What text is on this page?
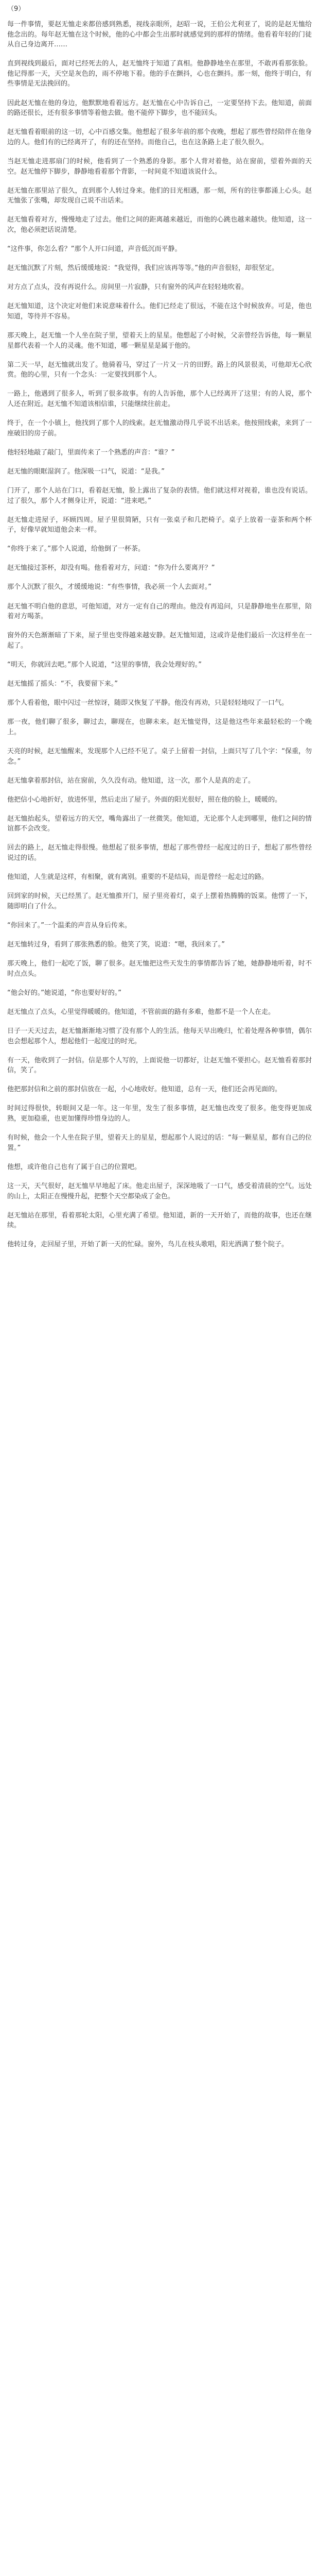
（9）

每一件事情，要赵无恤走来都倍感到熟悉，视线亲眼所，赵昭一说，王伯公尤利亚了，说的是赵无恤给他念出的。每年赵无恤在这个时候，他的心中都会生出那时就感觉到的那样的情绪。他看着年轻的门徒从自己身边离开……

直到视线到最后，面对已经死去的人，赵无恤终于知道了真相。他静静地坐在那里，不敢再看那张脸。他记得那一天，天空是灰色的，雨不停地下着。他的手在颤抖，心也在颤抖。那一刻，他终于明白，有些事情是无法挽回的。

因此赵无恤在他的身边，他默默地看着远方。赵无恤在心中告诉自己，一定要坚持下去。他知道，前面的路还很长，还有很多事情等着他去做。他不能停下脚步，也不能回头。

赵无恤看着眼前的这一切，心中百感交集。他想起了很多年前的那个夜晚，想起了那些曾经陪伴在他身边的人。他们有的已经离开了，有的还在坚持。而他自己，也在这条路上走了很久很久。

当赵无恤走进那扇门的时候，他看到了一个熟悉的身影。那个人背对着他，站在窗前，望着外面的天空。赵无恤停下脚步，静静地看着那个背影，一时间竟不知道该说什么。

赵无恤在那里站了很久，直到那个人转过身来。他们的目光相遇，那一刻，所有的往事都涌上心头。赵无恤张了张嘴，却发现自己说不出话来。

赵无恤看着对方，慢慢地走了过去。他们之间的距离越来越近，而他的心跳也越来越快。他知道，这一次，他必须把话说清楚。

“这件事，你怎么看？”那个人开口问道，声音低沉而平静。

赵无恤沉默了片刻，然后缓缓地说：“我觉得，我们应该再等等。”他的声音很轻，却很坚定。

对方点了点头，没有再说什么。房间里一片寂静，只有窗外的风声在轻轻地吹着。

赵无恤知道，这个决定对他们来说意味着什么。他们已经走了很远，不能在这个时候放弃。可是，他也知道，等待并不容易。

那天晚上，赵无恤一个人坐在院子里，望着天上的星星。他想起了小时候，父亲曾经告诉他，每一颗星星都代表着一个人的灵魂。他不知道，哪一颗星星是属于他的。

第二天一早，赵无恤就出发了。他骑着马，穿过了一片又一片的田野。路上的风景很美，可他却无心欣赏。他的心里，只有一个念头：一定要找到那个人。

一路上，他遇到了很多人，听到了很多故事。有的人告诉他，那个人已经离开了这里；有的人说，那个人还在附近。赵无恤不知道该相信谁，只能继续往前走。

终于，在一个小镇上，他找到了那个人的线索。赵无恤激动得几乎说不出话来。他按照线索，来到了一座破旧的房子前。

他轻轻地敲了敲门，里面传来了一个熟悉的声音：“谁？”

赵无恤的眼眶湿润了。他深吸一口气，说道：“是我。”

门开了，那个人站在门口，看着赵无恤，脸上露出了复杂的表情。他们就这样对视着，谁也没有说话。过了很久，那个人才侧身让开，说道：“进来吧。”

赵无恤走进屋子，环顾四周。屋子里很简陋，只有一张桌子和几把椅子。桌子上放着一壶茶和两个杯子，好像早就知道他会来一样。

“你终于来了。”那个人说道，给他倒了一杯茶。

赵无恤接过茶杯，却没有喝。他看着对方，问道：“你为什么要离开？”

那个人沉默了很久，才缓缓地说：“有些事情，我必须一个人去面对。”

赵无恤不明白他的意思，可他知道，对方一定有自己的理由。他没有再追问，只是静静地坐在那里，陪着对方喝茶。

窗外的天色渐渐暗了下来，屋子里也变得越来越安静。赵无恤知道，这或许是他们最后一次这样坐在一起了。

“明天，你就回去吧。”那个人说道，“这里的事情，我会处理好的。”

赵无恤摇了摇头：“不，我要留下来。”

那个人看着他，眼中闪过一丝惊讶，随即又恢复了平静。他没有再劝，只是轻轻地叹了一口气。

那一夜，他们聊了很多，聊过去，聊现在，也聊未来。赵无恤觉得，这是他这些年来最轻松的一个晚上。

天亮的时候，赵无恤醒来，发现那个人已经不见了。桌子上留着一封信，上面只写了几个字：“保重，勿念。”

赵无恤拿着那封信，站在窗前，久久没有动。他知道，这一次，那个人是真的走了。

他把信小心地折好，放进怀里，然后走出了屋子。外面的阳光很好，照在他的脸上，暖暖的。

赵无恤抬起头，望着远方的天空，嘴角露出了一丝微笑。他知道，无论那个人走到哪里，他们之间的情谊都不会改变。

回去的路上，赵无恤走得很慢。他想起了很多事情，想起了那些曾经一起度过的日子，想起了那些曾经说过的话。

他知道，人生就是这样，有相聚，就有离别。重要的不是结局，而是曾经一起走过的路。

回到家的时候，天已经黑了。赵无恤推开门，屋子里亮着灯，桌子上摆着热腾腾的饭菜。他愣了一下，随即明白了什么。

“你回来了。”一个温柔的声音从身后传来。

赵无恤转过身，看到了那张熟悉的脸。他笑了笑，说道：“嗯，我回来了。”

那天晚上，他们一起吃了饭，聊了很多。赵无恤把这些天发生的事情都告诉了她，她静静地听着，时不时点点头。

“他会好的。”她说道，“你也要好好的。”

赵无恤点了点头，心里觉得暖暖的。他知道，不管前面的路有多难，他都不是一个人在走。

日子一天天过去，赵无恤渐渐地习惯了没有那个人的生活。他每天早出晚归，忙着处理各种事情，偶尔也会想起那个人，想起他们一起度过的时光。

有一天，他收到了一封信。信是那个人写的，上面说他一切都好，让赵无恤不要担心。赵无恤看着那封信，笑了。

他把那封信和之前的那封信放在一起，小心地收好。他知道，总有一天，他们还会再见面的。

时间过得很快，转眼间又是一年。这一年里，发生了很多事情，赵无恤也改变了很多。他变得更加成熟，更加稳重，也更加懂得珍惜身边的人。

有时候，他会一个人坐在院子里，望着天上的星星，想起那个人说过的话：“每一颗星星，都有自己的位置。”

他想，或许他自己也有了属于自己的位置吧。

这一天，天气很好，赵无恤早早地起了床。他走出屋子，深深地吸了一口气，感受着清晨的空气。远处的山上，太阳正在慢慢升起，把整个天空都染成了金色。

赵无恤站在那里，看着那轮太阳，心里充满了希望。他知道，新的一天开始了，而他的故事，也还在继续。

他转过身，走回屋子里，开始了新一天的忙碌。窗外，鸟儿在枝头歌唱，阳光洒满了整个院子。
